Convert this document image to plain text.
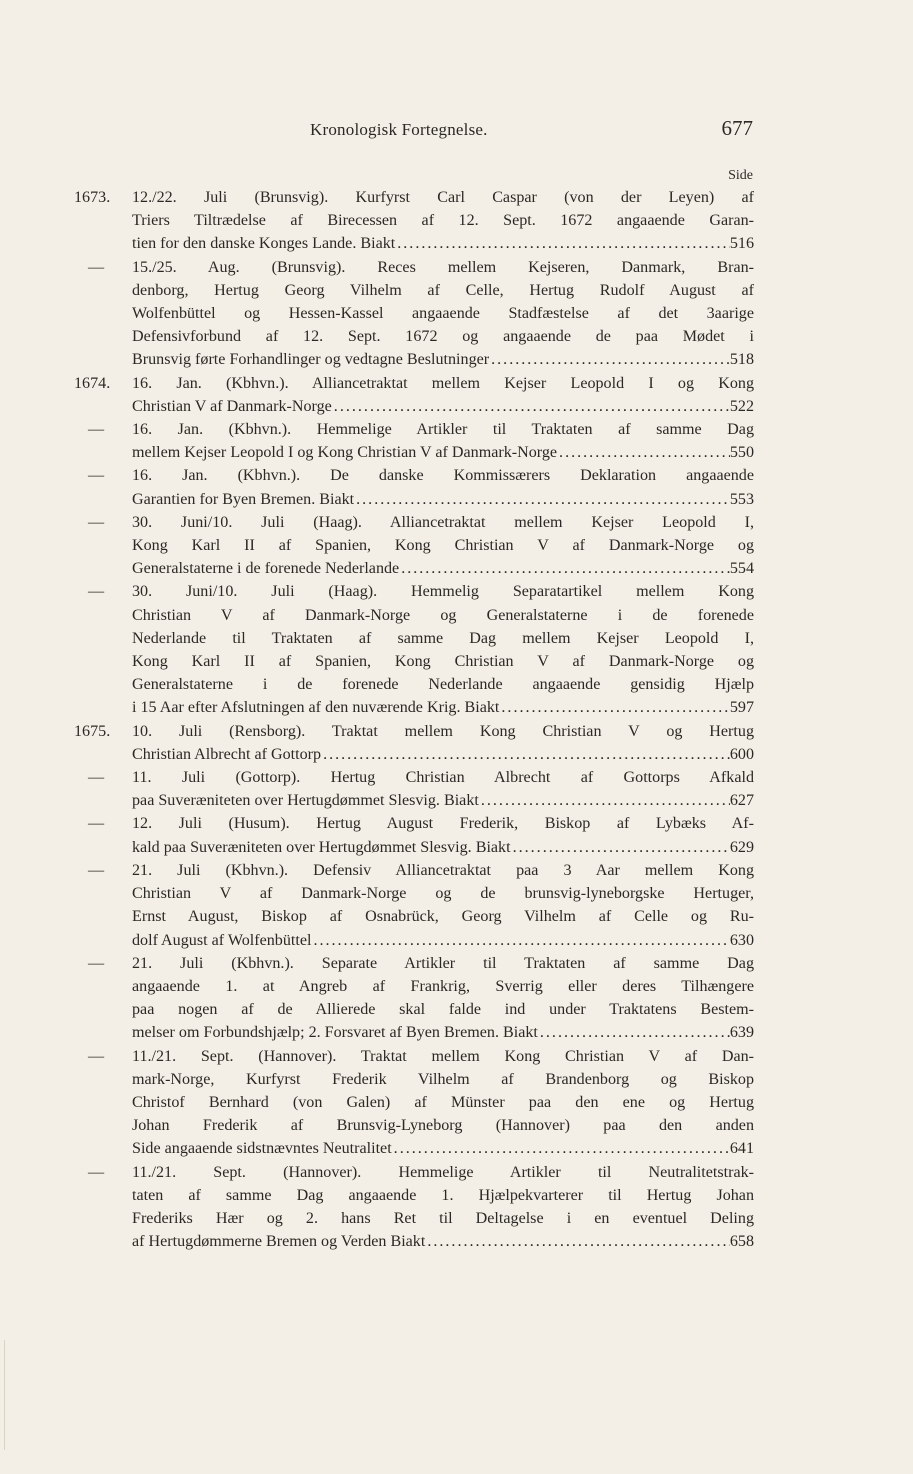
Kronologisk Fortegnelse.	677
Side
1673.	12./22. Juli (Brunsvig). Kurfyrst Carl Caspar (von der Leyen) af
Triers Tiltrædelse af Birecessen af 12. Sept. 1672 angaaende Garan-
tien for den danske Konges Lande. Biakt .....	516
— 15./25. Aug. (Brunsvig). Reces mellem Kejseren, Danmark, Bran-
denborg, Hertug Georg Vilhelm af Celle, Hertug Rudolf August af
Wolfenbüttel og Hessen-Kassel angaaende Stadfæstelse af det 3aarige
Defensivforbund af 12. Sept. 1672 og angaaende de paa Mødet i
Brunsvig førte Forhandlinger og vedtagne Beslutninger .....	518
1674.	16. Jan. (Kbhvn.). Alliancetraktat mellem Kejser Leopold I og Kong
Christian V af Danmark-Norge .....	522
— 16. Jan. (Kbhvn.). Hemmelige Artikler til Traktaten af samme Dag
mellem Kejser Leopold I og Kong Christian V af Danmark-Norge .....	550
— 16. Jan. (Kbhvn.). De danske Kommissærers Deklaration angaaende
Garantien for Byen Bremen. Biakt .....	553
— 30. Juni/10. Juli (Haag). Alliancetraktat mellem Kejser Leopold I,
Kong Karl II af Spanien, Kong Christian V af Danmark-Norge og
Generalstaterne i de forenede Nederlande .....	554
— 30. Juni/10. Juli (Haag). Hemmelig Separatartikel mellem Kong
Christian V af Danmark-Norge og Generalstaterne i de forenede
Nederlande til Traktaten af samme Dag mellem Kejser Leopold I,
Kong Karl II af Spanien, Kong Christian V af Danmark-Norge og
Generalstaterne i de forenede Nederlande angaaende gensidig Hjælp
i 15 Aar efter Afslutningen af den nuværende Krig. Biakt .....	597
1675.	10. Juli (Rensborg). Traktat mellem Kong Christian V og Hertug
Christian Albrecht af Gottorp .....	600
— 11. Juli (Gottorp). Hertug Christian Albrecht af Gottorps Afkald
paa Suveræniteten over Hertugdømmet Slesvig. Biakt .....	627
— 12. Juli (Husum). Hertug August Frederik, Biskop af Lybæks Af-
kald paa Suveræniteten over Hertugdømmet Slesvig. Biakt .....	629
— 21. Juli (Kbhvn.). Defensiv Alliancetraktat paa 3 Aar mellem Kong
Christian V af Danmark-Norge og de brunsvig-lyneborgske Hertuger,
Ernst August, Biskop af Osnabrück, Georg Vilhelm af Celle og Ru-
dolf August af Wolfenbüttel .....	630
— 21. Juli (Kbhvn.). Separate Artikler til Traktaten af samme Dag
angaaende 1. at Angreb af Frankrig, Sverrig eller deres Tilhængere
paa nogen af de Allierede skal falde ind under Traktatens Bestem-
melser om Forbundshjælp; 2. Forsvaret af Byen Bremen. Biakt .....	639
— 11./21. Sept. (Hannover). Traktat mellem Kong Christian V af Dan-
mark-Norge, Kurfyrst Frederik Vilhelm af Brandenborg og Biskop
Christof Bernhard (von Galen) af Münster paa den ene og Hertug
Johan Frederik af Brunsvig-Lyneborg (Hannover) paa den anden
Side angaaende sidstnævntes Neutralitet .....	641
— 11./21. Sept. (Hannover). Hemmelige Artikler til Neutralitetstrak-
taten af samme Dag angaaende 1. Hjælpekvarterer til Hertug Johan
Frederiks Hær og 2. hans Ret til Deltagelse i en eventuel Deling
af Hertugdømmerne Bremen og Verden Biakt .....	658
